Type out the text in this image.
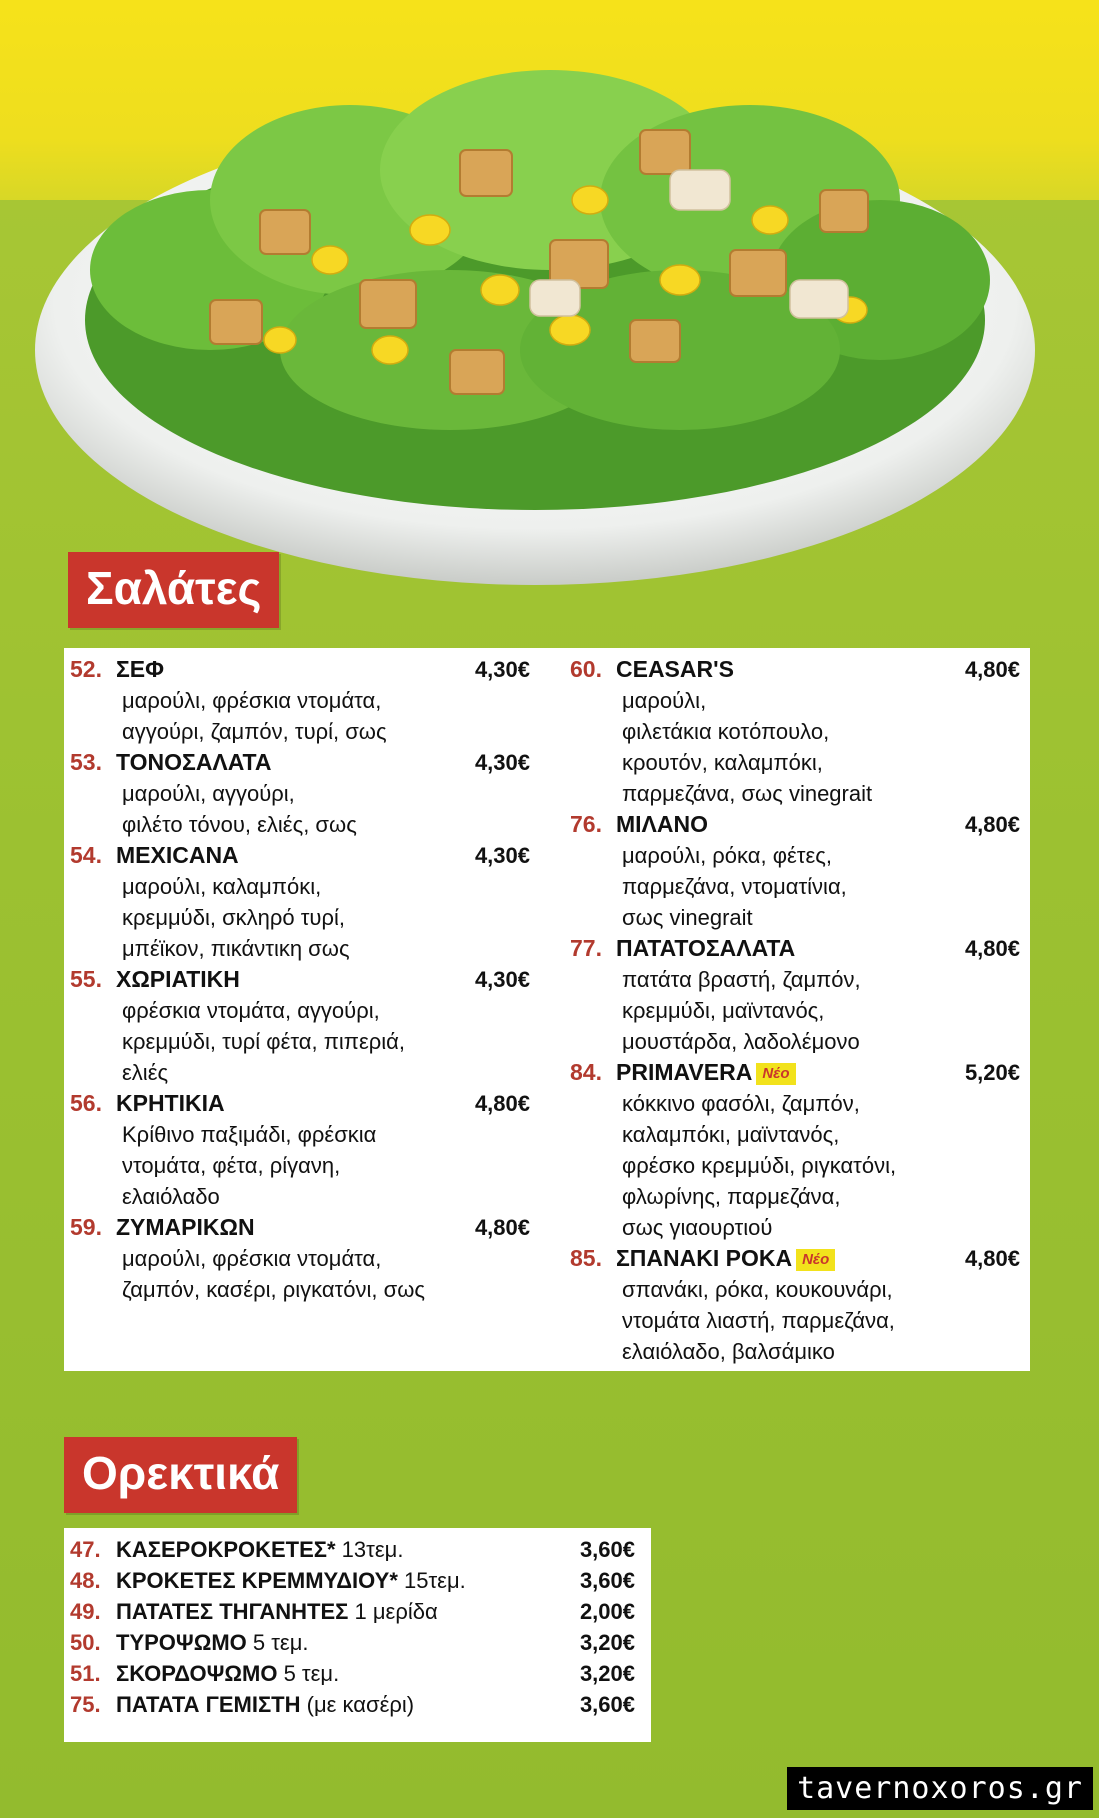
Σαλάτες
52. ΣΕΦ	4,30€
μαρούλι, φρέσκια ντομάτα,
αγγούρι, ζαμπόν, τυρί, σως
53. ΤΟΝΟΣΑΛΑΤΑ	4,30€
μαρούλι, αγγούρι,
φιλέτο τόνου, ελιές, σως
54. MEXICANA	4,30€
μαρούλι, καλαμπόκι,
κρεμμύδι, σκληρό τυρί,
μπέϊκον, πικάντικη σως
55. ΧΩΡΙΑΤΙΚΗ	4,30€
φρέσκια ντομάτα, αγγούρι,
κρεμμύδι, τυρί φέτα, πιπεριά,
ελιές
56. ΚΡΗΤΙΚΙΑ	4,80€
Κρίθινο παξιμάδι, φρέσκια
ντομάτα, φέτα, ρίγανη,
ελαιόλαδο
59. ΖΥΜΑΡΙΚΩΝ	4,80€
μαρούλι, φρέσκια ντομάτα,
ζαμπόν, κασέρι, ριγκατόνι, σως
60. CEASAR'S	4,80€
μαρούλι,
φιλετάκια κοτόπουλο,
κρουτόν, καλαμπόκι,
παρμεζάνα, σως vinegrait
76. ΜΙΛΑΝΟ	4,80€
μαρούλι, ρόκα, φέτες,
παρμεζάνα, ντοματίνια,
σως vinegrait
77. ΠΑΤΑΤΟΣΑΛΑΤΑ	4,80€
πατάτα βραστή, ζαμπόν,
κρεμμύδι, μαϊντανός,
μουστάρδα, λαδολέμονο
84. PRIMAVERA Νέο	5,20€
κόκκινο φασόλι, ζαμπόν,
καλαμπόκι, μαϊντανός,
φρέσκο κρεμμύδι, ριγκατόνι,
φλωρίνης, παρμεζάνα,
σως γιαουρτιού
85. ΣΠΑΝΑΚΙ ΡΟΚΑ Νέο	4,80€
σπανάκι, ρόκα, κουκουνάρι,
ντομάτα λιαστή, παρμεζάνα,
ελαιόλαδο, βαλσάμικο
Ορεκτικά
47. ΚΑΣΕΡΟΚΡΟΚΕΤΕΣ* 13τεμ.	3,60€
48. ΚΡΟΚΕΤΕΣ ΚΡΕΜΜΥΔΙΟΥ* 15τεμ.	3,60€
49. ΠΑΤΑΤΕΣ ΤΗΓΑΝΗΤΕΣ 1 μερίδα	2,00€
50. ΤΥΡΟΨΩΜΟ 5 τεμ.	3,20€
51. ΣΚΟΡΔΟΨΩΜΟ 5 τεμ.	3,20€
75. ΠΑΤΑΤΑ ΓΕΜΙΣΤΗ (με κασέρι)	3,60€
tavernoxoros.gr
